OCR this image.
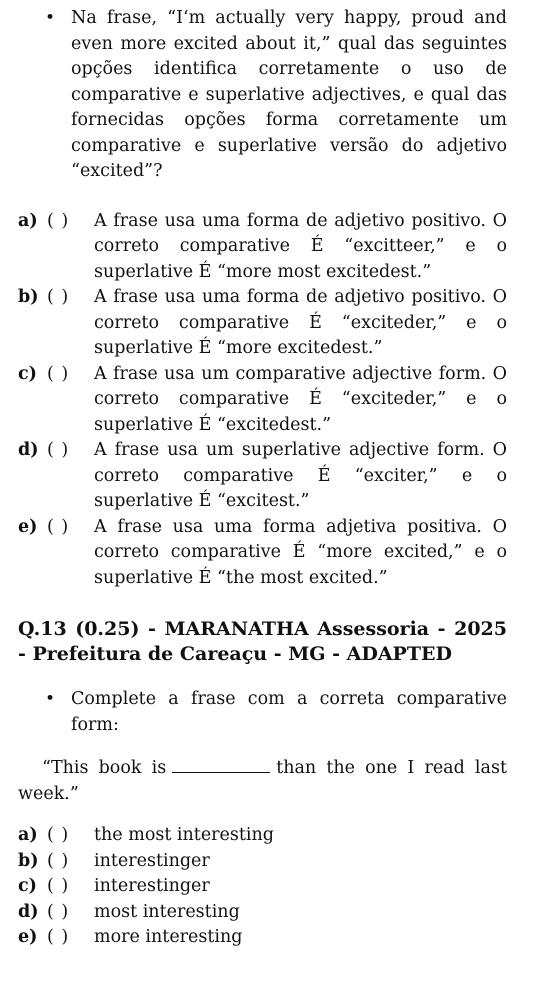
• Na frase, “I‘m actually very happy, proud and even more excited about it,” qual das seguintes opções identifica corretamente o uso de comparative e superlative adjectives, e qual das fornecidas opções forma corretamente um comparative e superlative versão do adjetivo “excited”?
a) ( ) A frase usa uma forma de adjetivo positivo. O correto comparative É “excitteer,” e o superlative É “more most excitedest.”
b) ( ) A frase usa uma forma de adjetivo positivo. O correto comparative É “exciteder,” e o superlative É “more excitedest.”
c) ( ) A frase usa um comparative adjective form. O correto comparative É “exciteder,” e o superlative É “excitedest.”
d) ( ) A frase usa um superlative adjective form. O correto comparative É “exciter,” e o superlative É “excitest.”
e) ( ) A frase usa uma forma adjetiva positiva. O correto comparative É “more excited,” e o superlative É “the most excited.”
Q.13 (0.25) - MARANATHA Assessoria - 2025 - Prefeitura de Careaçu - MG - ADAPTED
• Complete a frase com a correta comparative form:
“This book is	than the one I read last week.”
a) ( ) the most interesting
b) ( ) interestinger
c) ( ) interestinger
d) ( ) most interesting
e) ( ) more interesting
